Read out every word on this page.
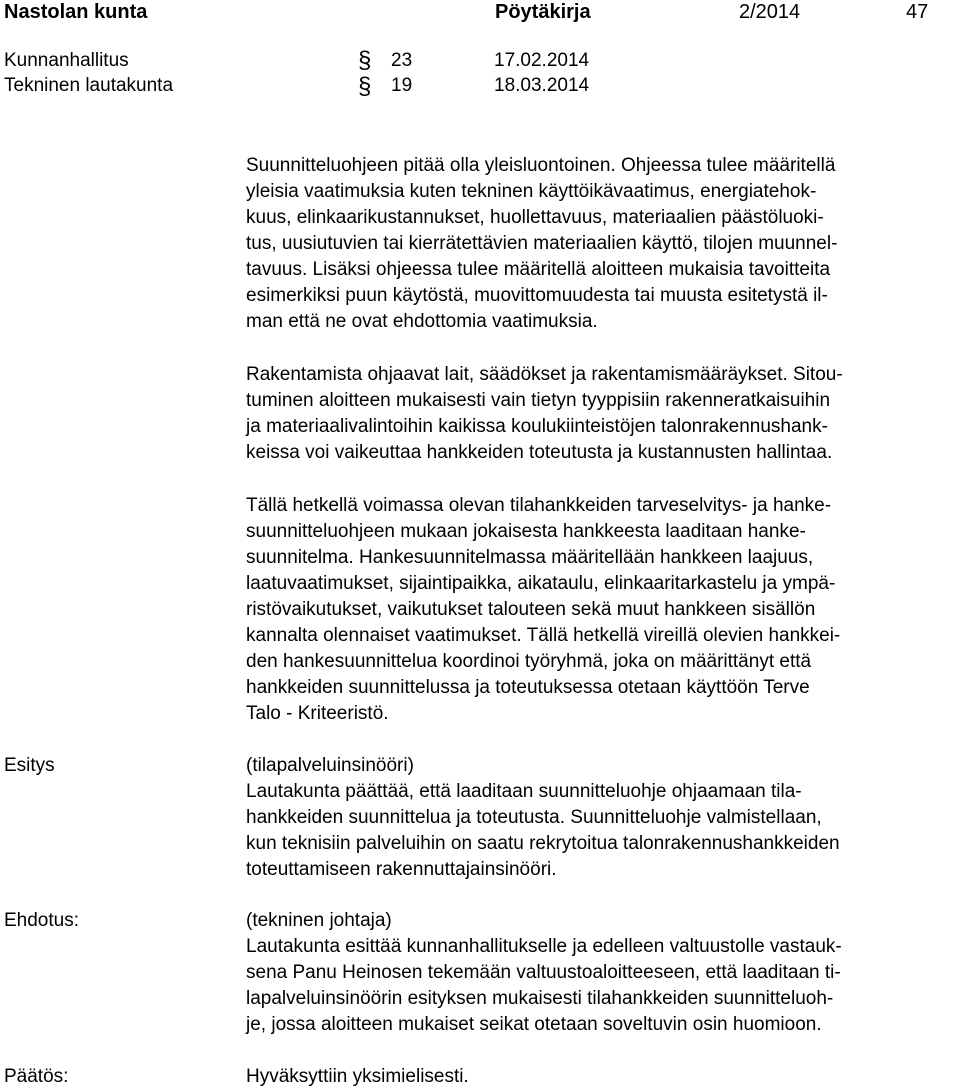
Nastolan kunta	Pöytäkirja	2/2014	47
Kunnanhallitus	§ 23	17.02.2014
Tekninen lautakunta	§ 19	18.03.2014
Suunnitteluohjeen pitää olla yleisluontoinen. Ohjeessa tulee määritellä
yleisia vaatimuksia kuten tekninen käyttöikävaatimus, energiatehok-
kuus, elinkaarikustannukset, huollettavuus, materiaalien päästöluoki-
tus, uusiutuvien tai kierrätettävien materiaalien käyttö, tilojen muunnel-
tavuus. Lisäksi ohjeessa tulee määritellä aloitteen mukaisia tavoitteita
esimerkiksi puun käytöstä, muovittomuudesta tai muusta esitetystä il-
man että ne ovat ehdottomia vaatimuksia.
Rakentamista ohjaavat lait, säädökset ja rakentamismääräykset. Sitou-
tuminen aloitteen mukaisesti vain tietyn tyyppisiin rakenneratkaisuihin
ja materiaalivalintoihin kaikissa koulukiinteistöjen talonrakennushank-
keissa voi vaikeuttaa hankkeiden toteutusta ja kustannusten hallintaa.
Tällä hetkellä voimassa olevan tilahankkeiden tarveselvitys- ja hanke-
suunnitteluohjeen mukaan jokaisesta hankkeesta laaditaan hanke-
suunnitelma. Hankesuunnitelmassa määritellään hankkeen laajuus,
laatuvaatimukset, sijaintipaikka, aikataulu, elinkaaritarkastelu ja ympä-
ristövaikutukset, vaikutukset talouteen sekä muut hankkeen sisällön
kannalta olennaiset vaatimukset. Tällä hetkellä vireillä olevien hankkei-
den hankesuunnittelua koordinoi työryhmä, joka on määrittänyt että
hankkeiden suunnittelussa ja toteutuksessa otetaan käyttöön Terve
Talo - Kriteeristö.
Esitys	(tilapalveluinsinööri)
Lautakunta päättää, että laaditaan suunnitteluohje ohjaamaan tila-
hankkeiden suunnittelua ja toteutusta. Suunnitteluohje valmistellaan,
kun teknisiin palveluihin on saatu rekrytoitua talonrakennushankkeiden
toteuttamiseen rakennuttajainsinööri.
Ehdotus:	(tekninen johtaja)
Lautakunta esittää kunnanhallitukselle ja edelleen valtuustolle vastauk-
sena Panu Heinosen tekemään valtuustoaloitteeseen, että laaditaan ti-
lapalveluinsinöörin esityksen mukaisesti tilahankkeiden suunnitteluoh-
je, jossa aloitteen mukaiset seikat otetaan soveltuvin osin huomioon.
Päätös:	Hyväksyttiin yksimielisesti.
